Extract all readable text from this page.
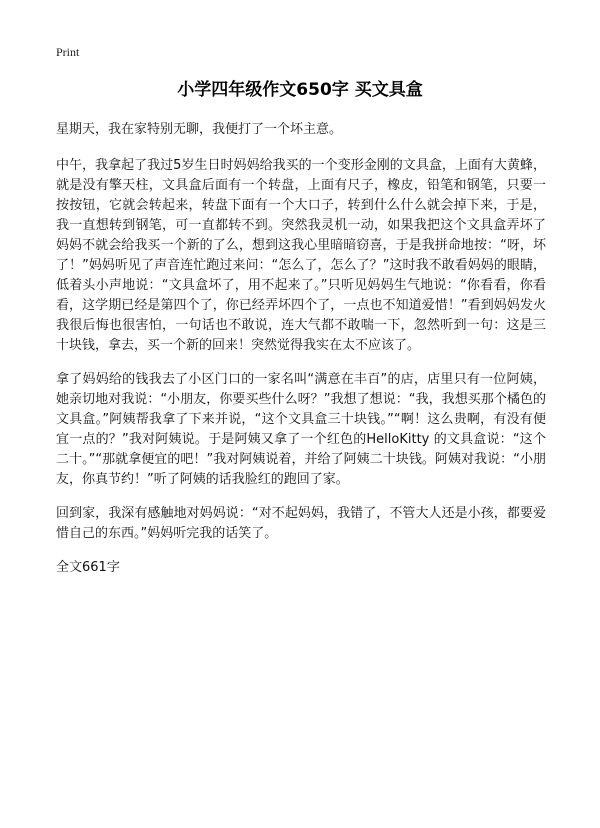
Print
小学四年级作文650字 买文具盒

星期天，我在家特别无聊，我便打了一个坏主意。

中午，我拿起了我过5岁生日时妈妈给我买的一个变形金刚的文具盒，上面有大黄蜂，就是没有擎天柱，文具盒后面有一个转盘，上面有尺子，橡皮，铅笔和钢笔，只要一按按钮，它就会转起来，转盘下面有一个大口子，转到什么什么就会掉下来，于是，我一直想转到钢笔，可一直都转不到。突然我灵机一动，如果我把这个文具盒弄坏了妈妈不就会给我买一个新的了么，想到这我心里暗暗窃喜，于是我拼命地按：“呀，坏了！”妈妈听见了声音连忙跑过来问：“怎么了，怎么了？”这时我不敢看妈妈的眼睛，低着头小声地说：“文具盒坏了，用不起来了。”只听见妈妈生气地说：“你看看，你看看，这学期已经是第四个了，你已经弄坏四个了，一点也不知道爱惜！”看到妈妈发火我很后悔也很害怕，一句话也不敢说，连大气都不敢喘一下，忽然听到一句：这是三十块钱，拿去，买一个新的回来！突然觉得我实在太不应该了。

拿了妈妈给的钱我去了小区门口的一家名叫“满意在丰百”的店，店里只有一位阿姨，她亲切地对我说：“小朋友，你要买些什么呀？”我想了想说：“我，我想买那个橘色的文具盒。”阿姨帮我拿了下来并说，“这个文具盒三十块钱。”“啊！这么贵啊，有没有便宜一点的？”我对阿姨说。于是阿姨又拿了一个红色的HelloKitty 的文具盒说：“这个二十。”“那就拿便宜的吧！”我对阿姨说着，并给了阿姨二十块钱。阿姨对我说：“小朋友，你真节约！”听了阿姨的话我脸红的跑回了家。

回到家，我深有感触地对妈妈说：“对不起妈妈，我错了，不管大人还是小孩，都要爱惜自己的东西。”妈妈听完我的话笑了。

全文661字
